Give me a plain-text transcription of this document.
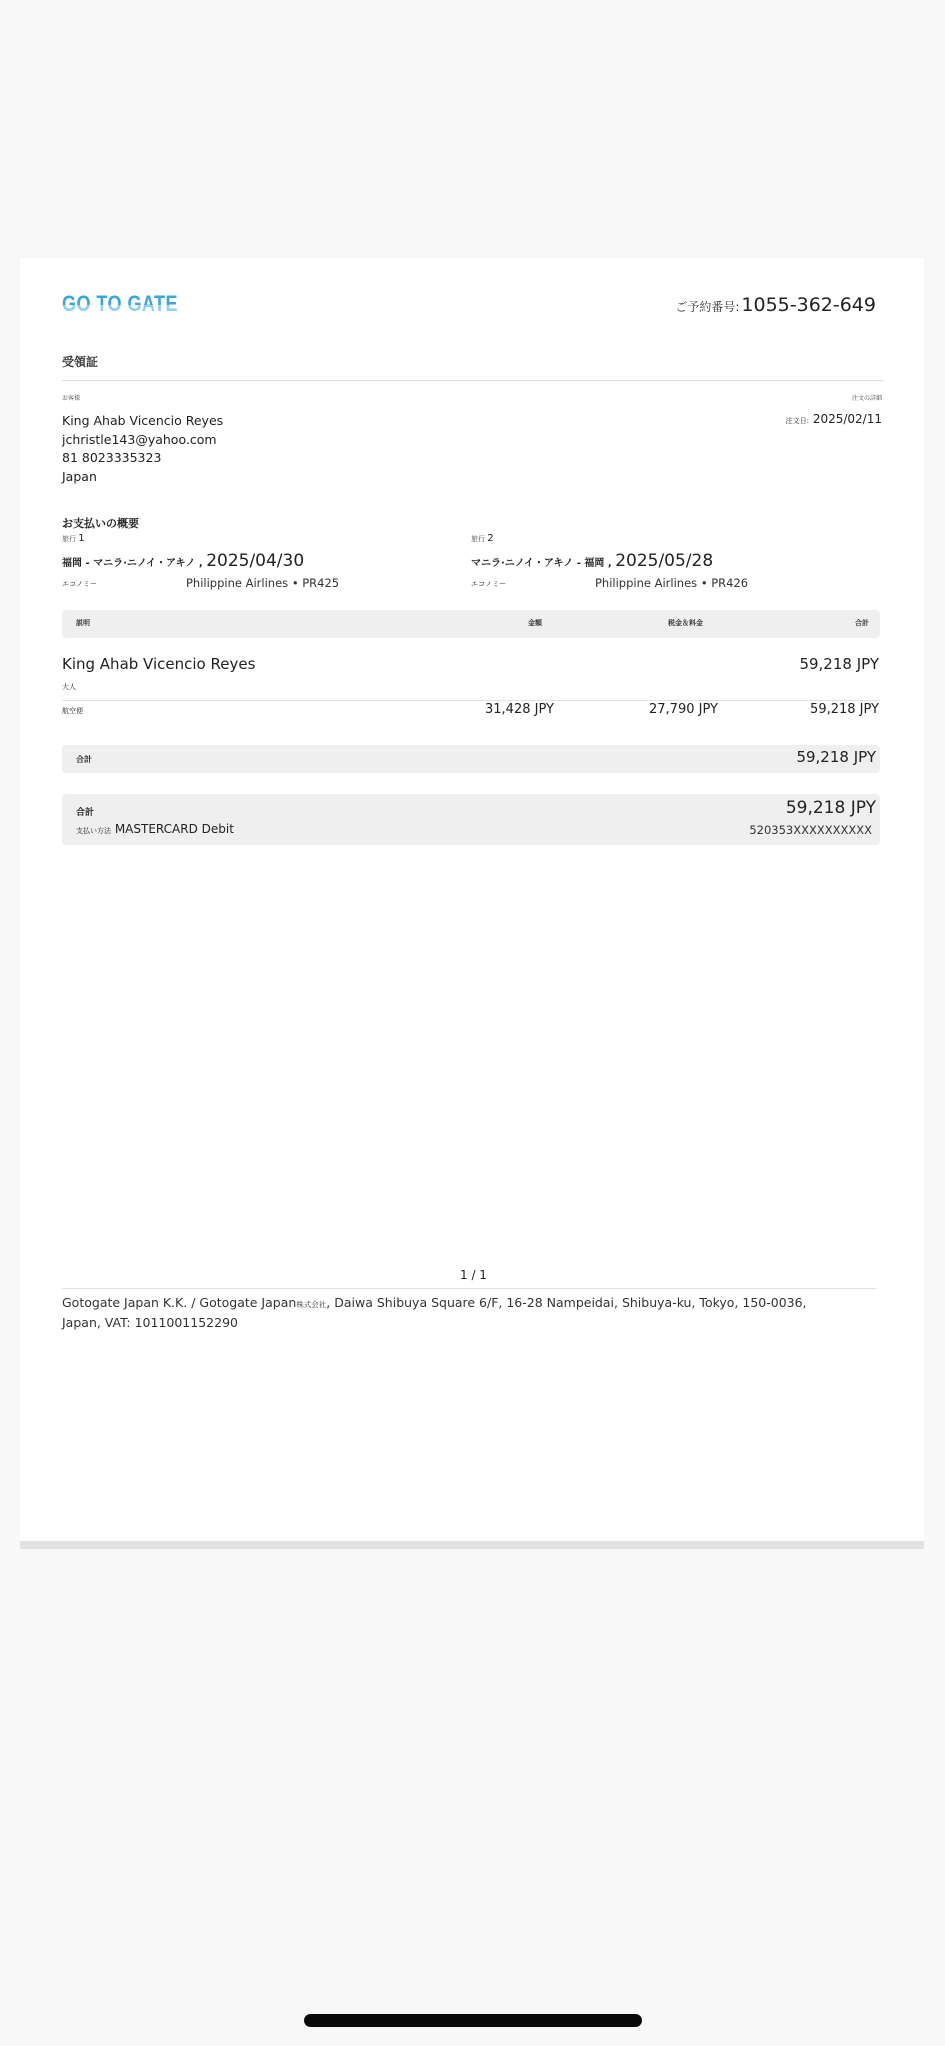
GO TO GATE	ご予約番号: 1055-362-649
受領証
お客様	注文の詳細
King Ahab Vicencio Reyes
jchristle143@yahoo.com
81 8023335323
Japan
注文日: 2025/02/11
お支払いの概要
旅行 1	旅行 2
福岡 - マニラ·ニノイ・アキノ , 2025/04/30	マニラ·ニノイ・アキノ - 福岡 , 2025/05/28
エコノミー	Philippine Airlines • PR425	エコノミー	Philippine Airlines • PR426
説明	金額	税金＆料金	合計
King Ahab Vicencio Reyes	59,218 JPY
大人
航空便	31,428 JPY	27,790 JPY	59,218 JPY
合計	59,218 JPY
合計	59,218 JPY
支払い方法 MASTERCARD Debit	520353XXXXXXXXXX
1 / 1
Gotogate Japan K.K. / Gotogate Japan株式会社, Daiwa Shibuya Square 6/F, 16-28 Nampeidai, Shibuya-ku, Tokyo, 150-0036, Japan, VAT: 1011001152290
